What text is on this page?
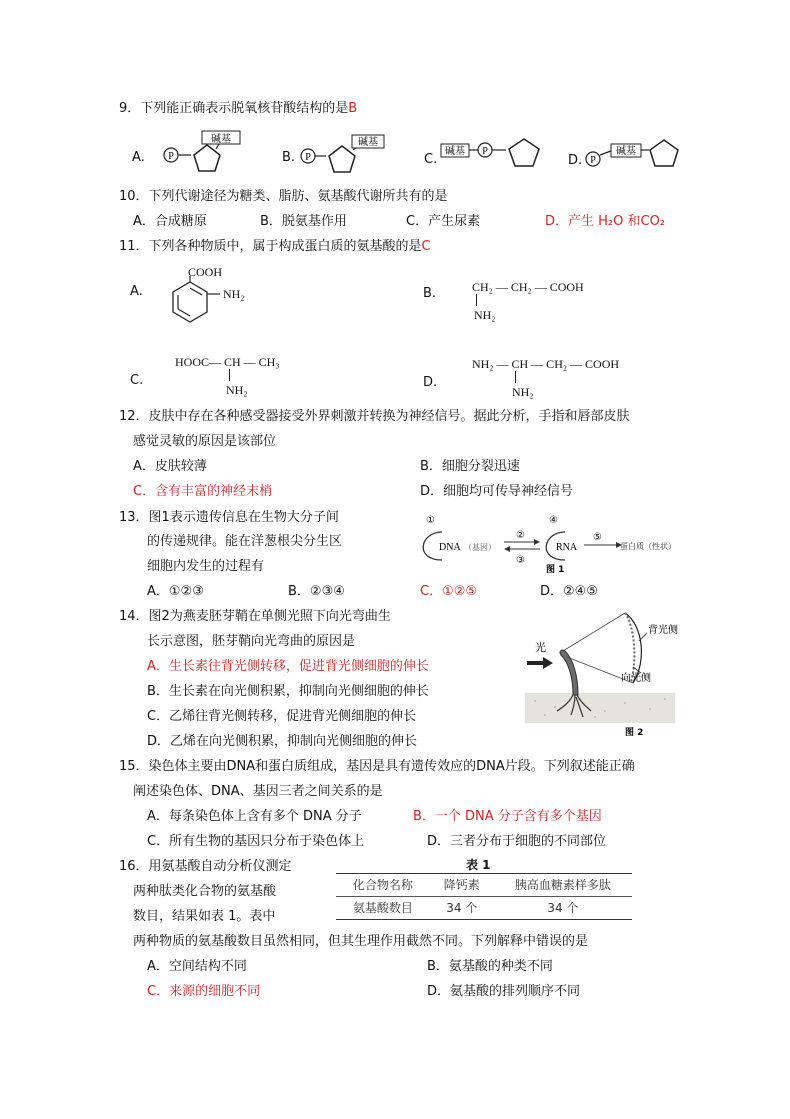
9．下列能正确表示脱氧核苷酸结构的是B
A. P
碱基
B. P
碱基
C.
碱基 P
D. P
碱基
10．下列代谢途径为糖类、脂肪、氨基酸代谢所共有的是
A．合成糖原	B．脱氨基作用	C．产生尿素	D．产生 H₂O 和CO₂
11．下列各种物质中，属于构成蛋白质的氨基酸的是C
A.
COOH
NH₂	B.	CH₂ — CH₂ — COOH
NH₂
C.
HOOC— CH — CH₃
NH₂	D.
NH₂ — CH — CH₂ — COOH
NH₂
12．皮肤中存在各种感受器接受外界刺激并转换为神经信号。据此分析，手指和唇部皮肤
感觉灵敏的原因是该部位
A．皮肤较薄	B．细胞分裂迅速
C．含有丰富的神经末梢	D．细胞均可传导神经信号
13．图1表示遗传信息在生物大分子间
的传递规律。能在洋葱根尖分生区
细胞内发生的过程有
A．①②③	B．②③④	C．①②⑤	D．②④⑤
①
DNA （基因）
②
③
④
RNA
⑤
蛋白质（性状）
图 1
14．图2为燕麦胚芽鞘在单侧光照下向光弯曲生
长示意图，胚芽鞘向光弯曲的原因是
A．生长素往背光侧转移，促进背光侧细胞的伸长
B．生长素在向光侧积累，抑制向光侧细胞的伸长
C．乙烯往背光侧转移，促进背光侧细胞的伸长
D．乙烯在向光侧积累，抑制向光侧细胞的伸长
光
背光侧
向光侧
图 2
15．染色体主要由DNA和蛋白质组成，基因是具有遗传效应的DNA片段。下列叙述能正确
阐述染色体、DNA、基因三者之间关系的是
A．每条染色体上含有多个 DNA 分子	B．一个 DNA 分子含有多个基因
C．所有生物的基因只分布于染色体上	D．三者分布于细胞的不同部位
16．用氨基酸自动分析仪测定
两种肽类化合物的氨基酸
数目，结果如表 1。表中
两种物质的氨基酸数目虽然相同，但其生理作用截然不同。下列解释中错误的是
A．空间结构不同	B．氨基酸的种类不同
C．来源的细胞不同	D．氨基酸的排列顺序不同
表 1
化合物名称	降钙素	胰高血糖素样多肽
氨基酸数目	34 个	34 个
